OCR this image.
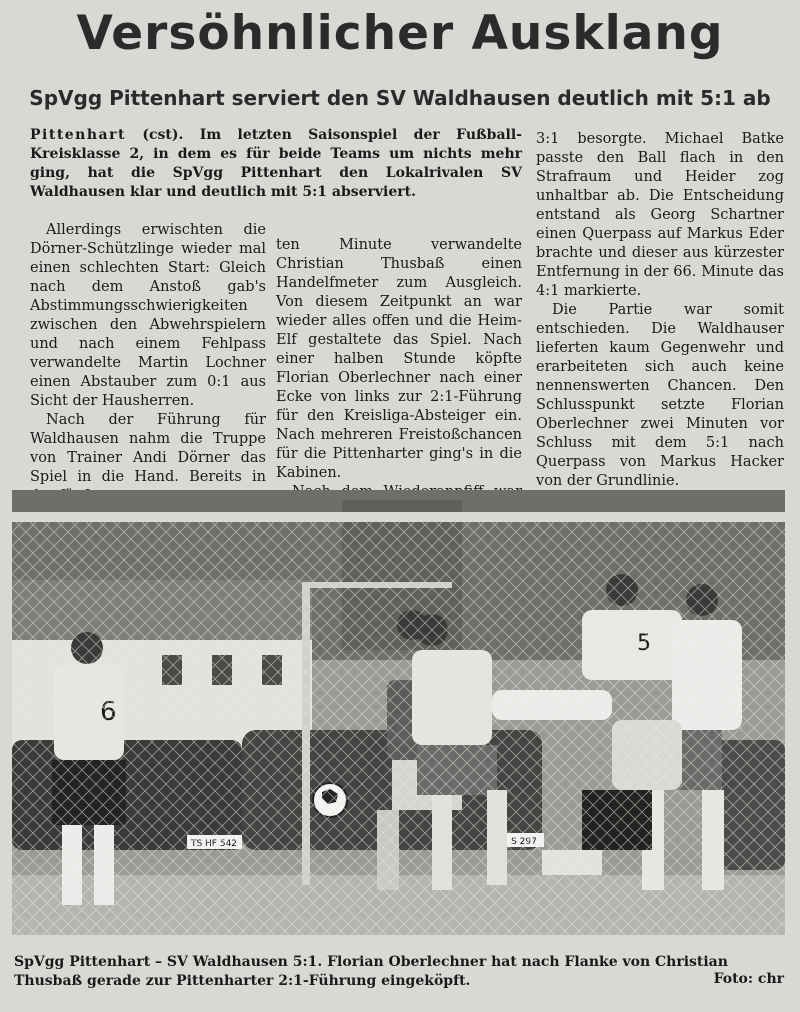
Versöhnlicher Ausklang
SpVgg Pittenhart serviert den SV Waldhausen deutlich mit 5:1 ab

Pittenhart (cst). Im letzten Saisonspiel der Fußball-Kreisklasse 2, in dem es für beide Teams um nichts mehr ging, hat die SpVgg Pittenhart den Lokalrivalen SV Waldhausen klar und deutlich mit 5:1 abserviert.

Allerdings erwischten die Dörner-Schützlinge wieder mal einen schlechten Start: Gleich nach dem Anstoß gab's Abstimmungsschwierigkeiten zwischen den Abwehrspielern und nach einem Fehlpass verwandelte Martin Lochner einen Abstauber zum 0:1 aus Sicht der Hausherren.

Nach der Führung für Waldhausen nahm die Truppe von Trainer Andi Dörner das Spiel in die Hand. Bereits in

ten Minute verwandelte Christian Thusbaß einen Handelfmeter zum Ausgleich. Von diesem Zeitpunkt an war wieder alles offen und die Heim-Elf gestaltete das Spiel. Nach einer halben Stunde köpfte Florian Oberlechner nach einer Ecke von links zur 2:1-Führung für den Kreisliga-Absteiger ein. Nach mehreren Freistoßchancen für die Pittenharter ging's in die Kabinen.

3:1 besorgte. Michael Batke passte den Ball flach in den Strafraum und Heider zog unhaltbar ab. Die Entscheidung entstand als Georg Schartner einen Querpass auf Markus Eder brachte und dieser aus kürzester Entfernung in der 66. Minute das 4:1 markierte.

Die Partie war somit entschieden. Die Waldhauser lieferten kaum Gegenwehr und erarbeiteten sich auch keine nennenswerten Chancen. Den Schlusspunkt setzte Florian Oberlechner zwei Minuten vor Schluss mit dem 5:1 nach Querpass von Markus Hacker von der Grundlinie.

SpVgg Pittenhart – SV Waldhausen 5:1. Florian Oberlechner hat nach Flanke von Christian Thusbaß gerade zur Pittenharter 2:1-Führung eingeköpft.	Foto: chr
